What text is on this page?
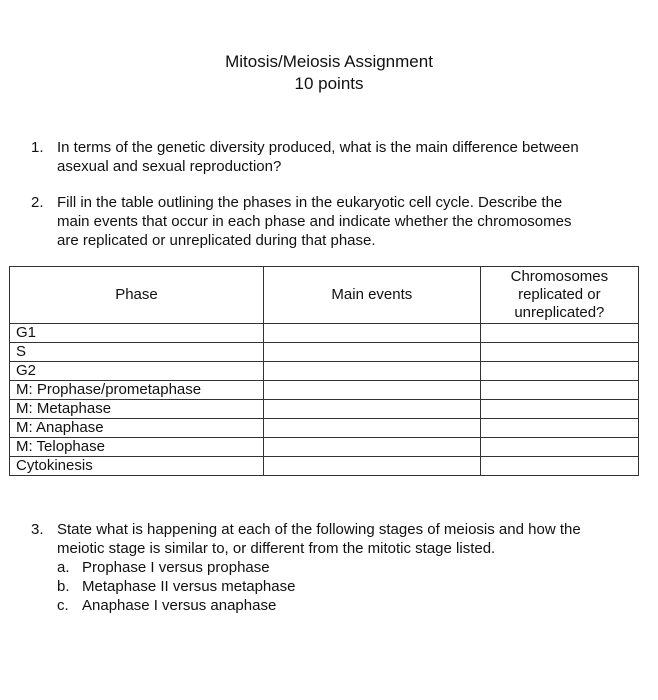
Mitosis/Meiosis Assignment
10 points
1. In terms of the genetic diversity produced, what is the main difference between
asexual and sexual reproduction?
2. Fill in the table outlining the phases in the eukaryotic cell cycle. Describe the
main events that occur in each phase and indicate whether the chromosomes
are replicated or unreplicated during that phase.
Phase	Main events	Chromosomes
replicated or
unreplicated?

G1		
S		
G2		
M: Prophase/prometaphase		
M: Metaphase		
M: Anaphase		
M: Telophase		
Cytokinesis		
3. State what is happening at each of the following stages of meiosis and how the
meiotic stage is similar to, or different from the mitotic stage listed.
a. Prophase I versus prophase
b. Metaphase II versus metaphase
c. Anaphase I versus anaphase
